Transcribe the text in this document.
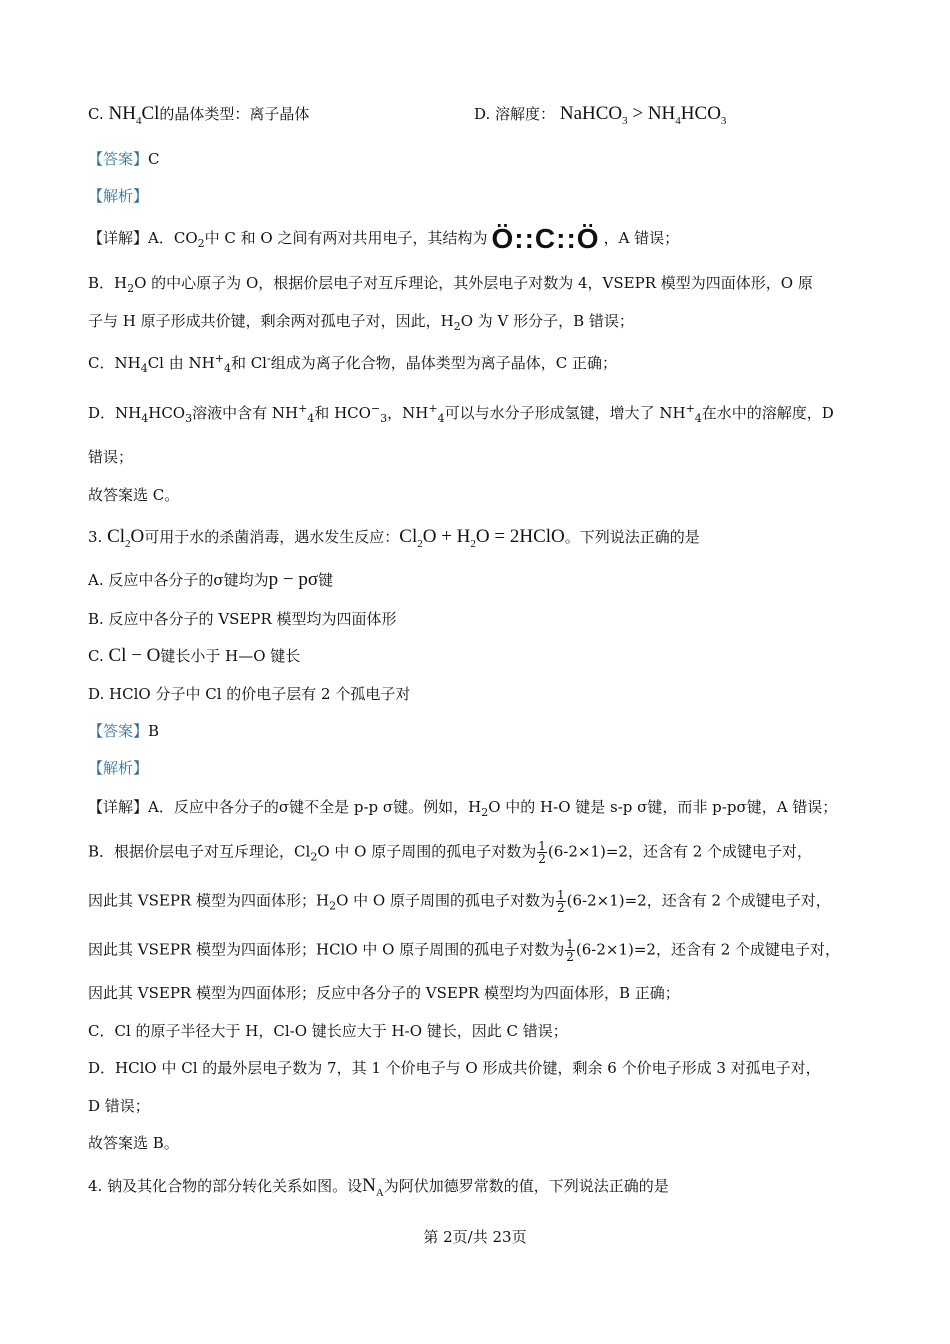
C. $NH_4Cl$的晶体类型：离子晶体	D. 溶解度： NaHCO$_3$ > $NH_4HCO_3$
【答案】C
【解析】
【详解】A．$CO_2$中 C 和 O 之间有两对共用电子，其结构为 Ö::C::Ö ，A 错误；
B．$H_2O$ 的中心原子为 O，根据价层电子对互斥理论，其外层电子对数为 4，VSEPR 模型为四面体形，O 原
子与 H 原子形成共价键，剩余两对孤电子对，因此，$H_2O$ 为 V 形分子，B 错误；
C．$NH_4Cl$ 由 $NH^+_4$和 Cl-组成为离子化合物，晶体类型为离子晶体，C 正确；
D．$NH_4HCO_3$溶液中含有 $NH^+_4$和 $HCO^-_3$，$NH^+_4$可以与水分子形成氢键，增大了 $NH^+_4$在水中的溶解度，D
错误；
故答案选 C。
3. $Cl_2O$可用于水的杀菌消毒，遇水发生反应：$Cl_2O + H_2O$ = 2HClO。下列说法正确的是
A. 反应中各分子的σ键均为p − pσ键
B. 反应中各分子的 VSEPR 模型均为四面体形
C. Cl − O键长小于 H—O 键长
D. HClO 分子中 Cl 的价电子层有 2 个孤电子对
【答案】B
【解析】
【详解】A．反应中各分子的σ键不全是 p-p σ键。例如，$H_2O$ 中的 H-O 键是 s-p σ键，而非 p-pσ键，A 错误；
B．根据价层电子对互斥理论，$Cl_2O$ 中 O 原子周围的孤电子对数为 $\frac{1}{2} (6-2\times 1)=2$，还含有 2 个成键电子对，
因此其 VSEPR 模型为四面体形；$H_2O$ 中 O 原子周围的孤电子对数为 $\frac{1}{2} (6-2\times 1)=2$，还含有 2 个成键电子对，
因此其 VSEPR 模型为四面体形；HClO 中 O 原子周围的孤电子对数为 $\frac{1}{2} (6-2\times 1)=2$，还含有 2 个成键电子对，
因此其 VSEPR 模型为四面体形；反应中各分子的 VSEPR 模型均为四面体形，B 正确；
C．Cl 的原子半径大于 H，Cl-O 键长应大于 H-O 键长，因此 C 错误；
D．HClO 中 Cl 的最外层电子数为 7，其 1 个价电子与 O 形成共价键，剩余 6 个价电子形成 3 对孤电子对，
D 错误；
故答案选 B。
4. 钠及其化合物的部分转化关系如图。设$N_A$为阿伏加德罗常数的值，下列说法正确的是
第 2页/共 23页
